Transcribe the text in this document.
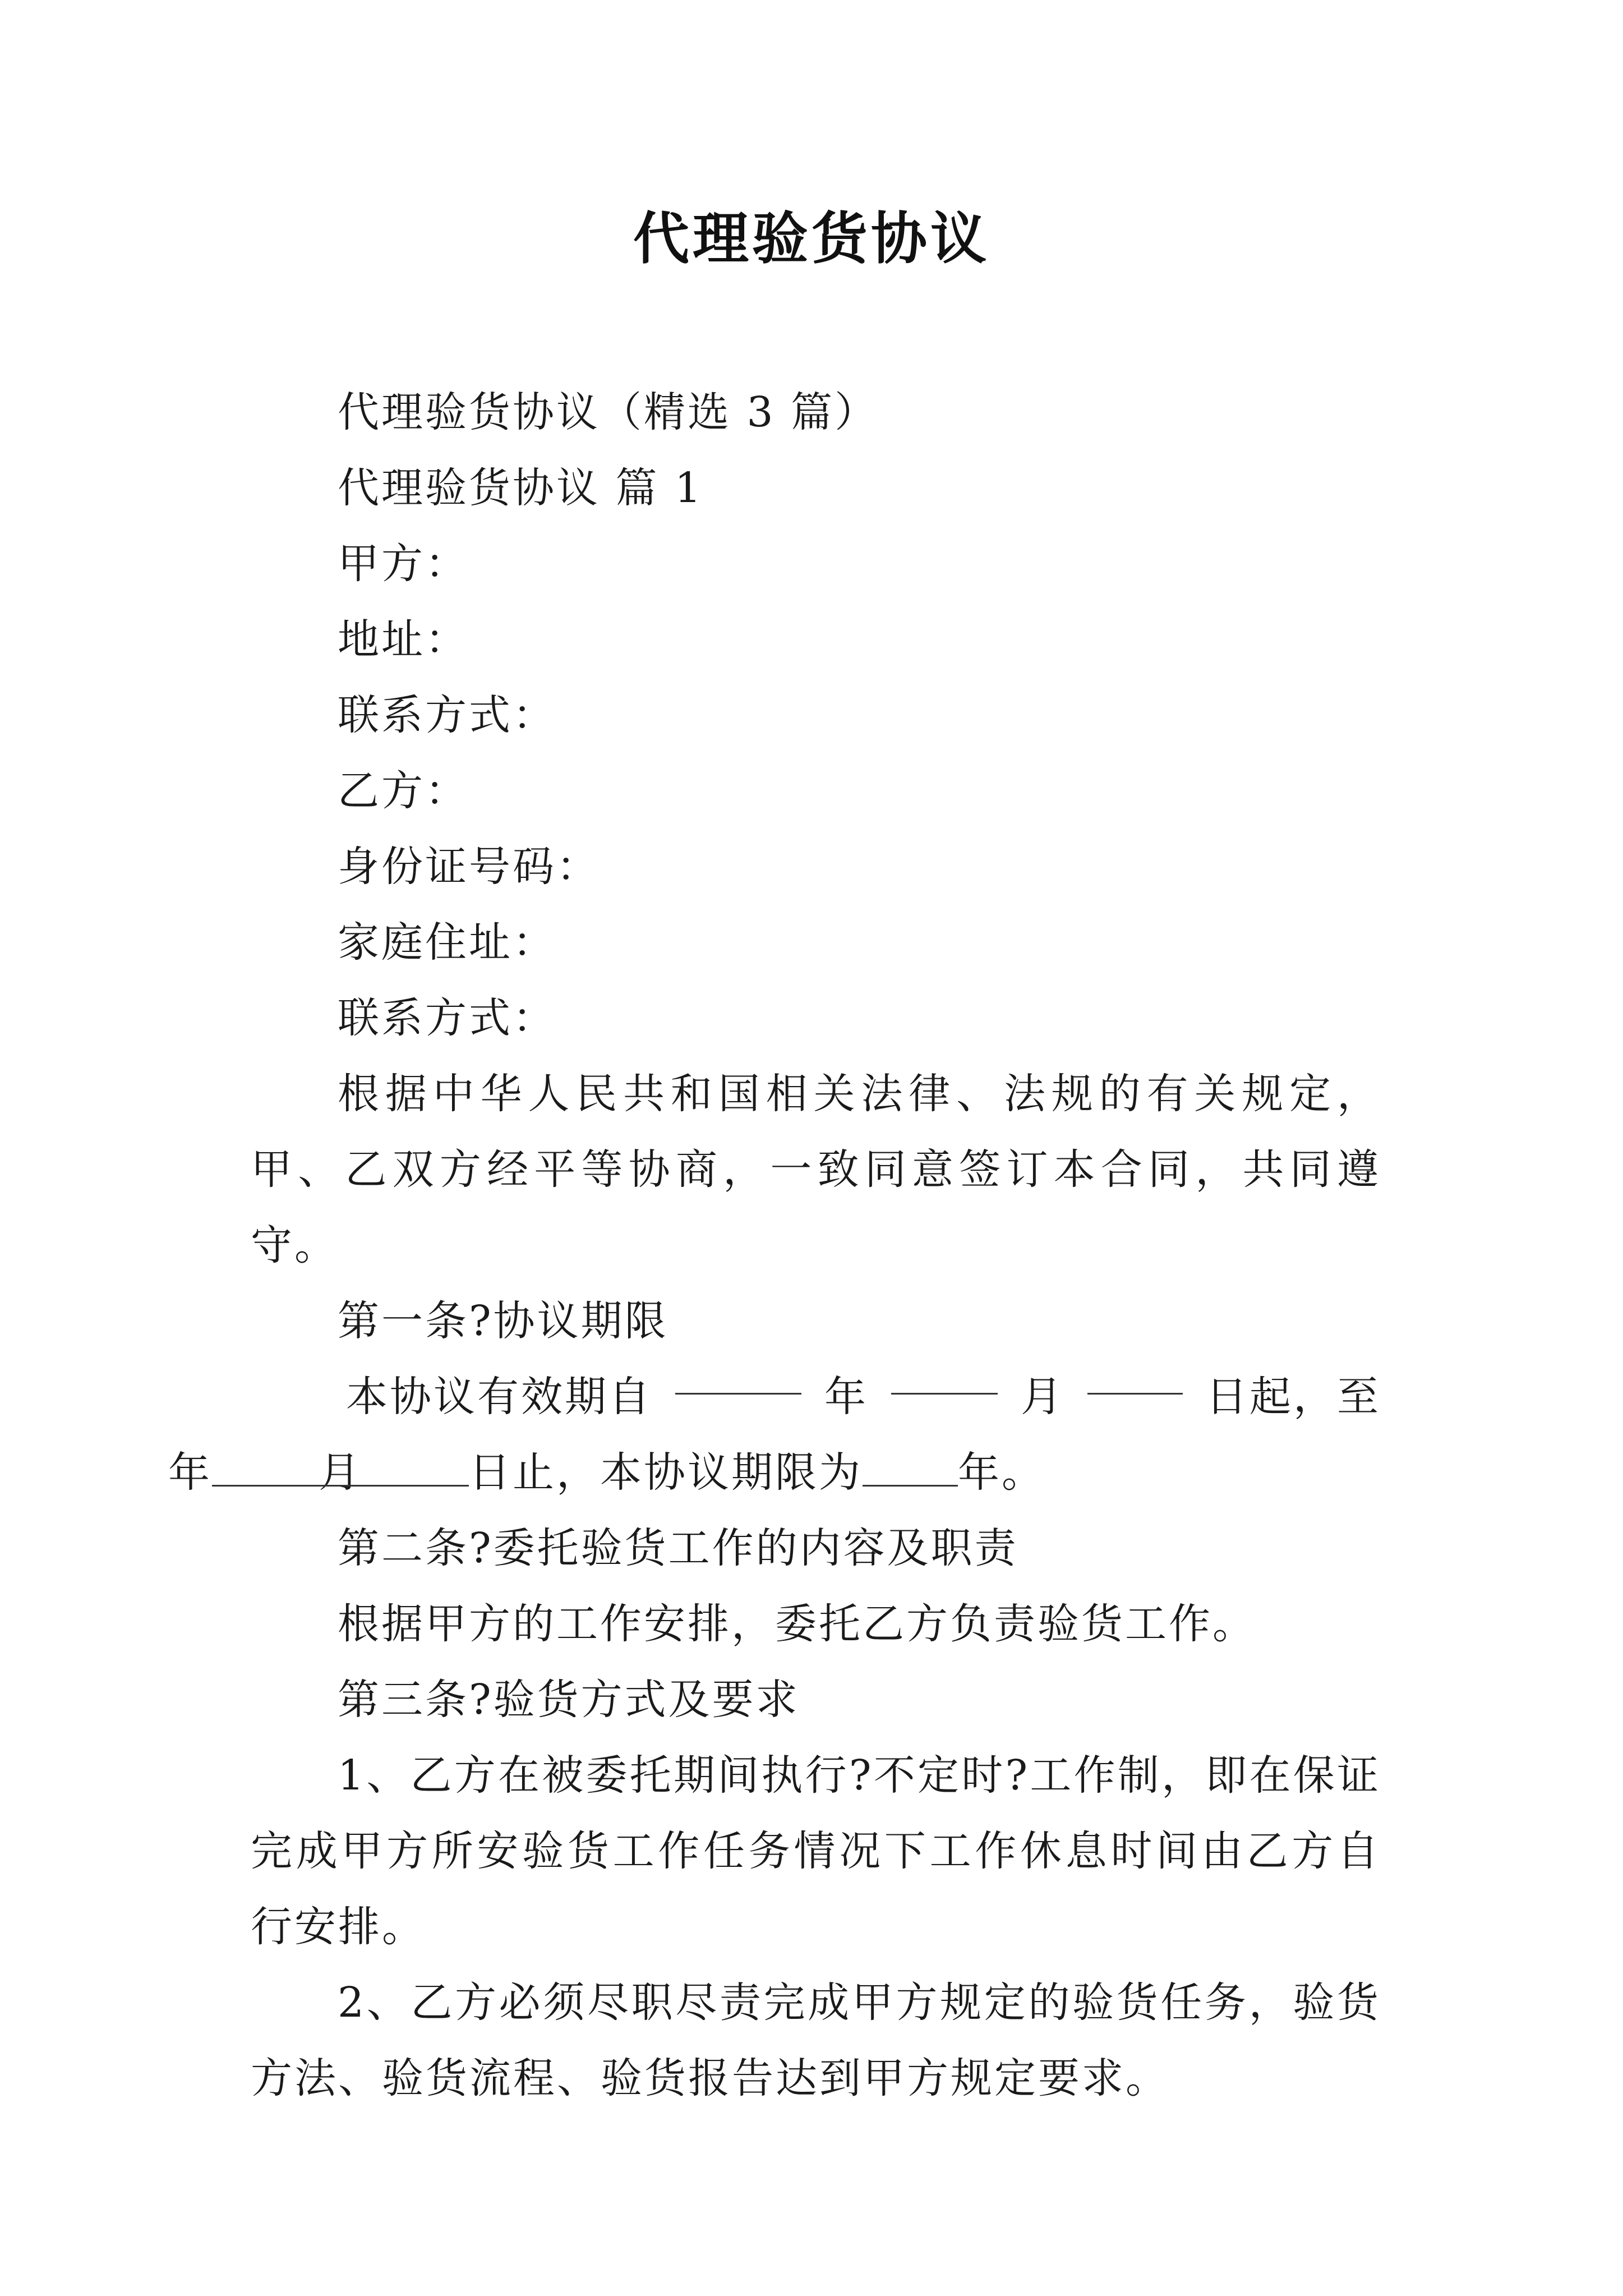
代理验货协议

代理验货协议（精选 3 篇）

代理验货协议 篇 1

甲方：

地址：

联系方式：

乙方：

身份证号码：

家庭住址：

联系方式：

根据中华人民共和国相关法律、法规的有关规定，甲、乙双方经平等协商，一致同意签订本合同，共同遵守。

第一条?协议期限

本协议有效期自	年	月	日起，至
年	月	日止，本协议期限为 年。

第二条?委托验货工作的内容及职责

根据甲方的工作安排，委托乙方负责验货工作。

第三条?验货方式及要求

1、乙方在被委托期间执行?不定时?工作制，即在保证完成甲方所安验货工作任务情况下工作休息时间由乙方自行安排。

2、乙方必须尽职尽责完成甲方规定的验货任务，验货方法、验货流程、验货报告达到甲方规定要求。
